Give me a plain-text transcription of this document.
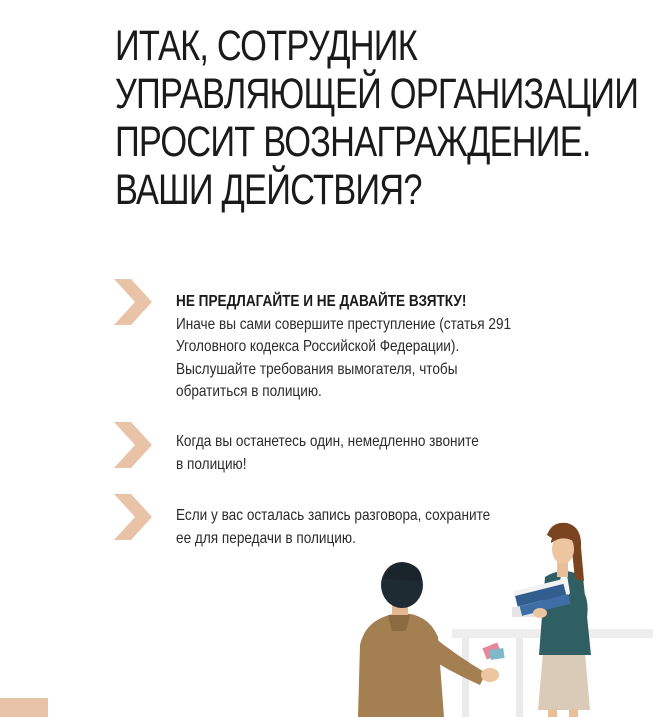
ИТАК, СОТРУДНИК
УПРАВЛЯЮЩЕЙ ОРГАНИЗАЦИИ
ПРОСИТ ВОЗНАГРАЖДЕНИЕ.
ВАШИ ДЕЙСТВИЯ?
НЕ ПРЕДЛАГАЙТЕ И НЕ ДАВАЙТЕ ВЗЯТКУ!
Иначе вы сами совершите преступление (статья 291
Уголовного кодекса Российской Федерации).
Выслушайте требования вымогателя, чтобы
обратиться в полицию.
Когда вы останетесь один, немедленно звоните
в полицию!
Если у вас осталась запись разговора, сохраните
ее для передачи в полицию.
